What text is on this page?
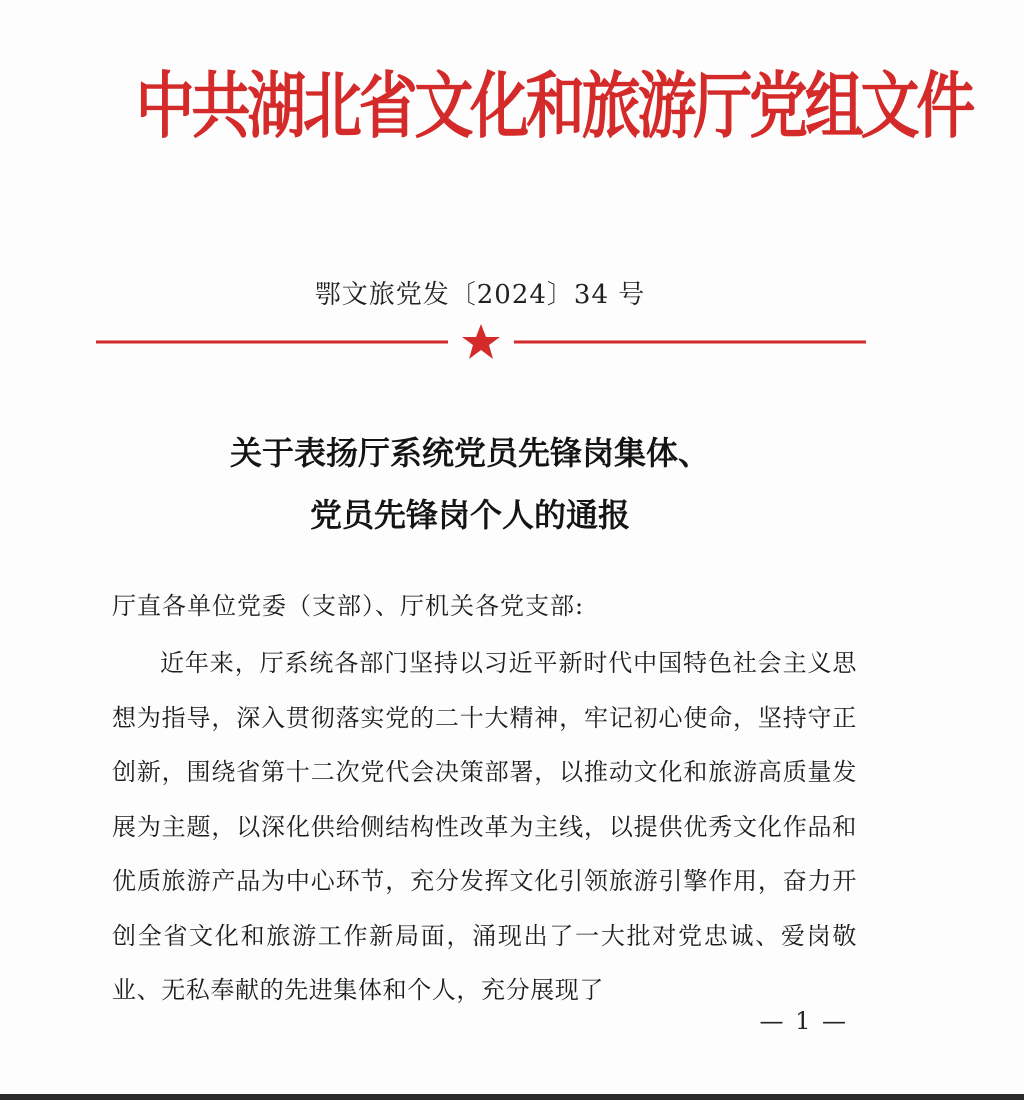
中共湖北省文化和旅游厅党组文件
鄂文旅党发〔2024〕34 号
关于表扬厅系统党员先锋岗集体、
党员先锋岗个人的通报
厅直各单位党委（支部）、厅机关各党支部:
近年来，厅系统各部门坚持以习近平新时代中国特色社会主义思想为指导，深入贯彻落实党的二十大精神，牢记初心使命，坚持守正创新，围绕省第十二次党代会决策部署，以推动文化和旅游高质量发展为主题，以深化供给侧结构性改革为主线，以提供优秀文化作品和优质旅游产品为中心环节，充分发挥文化引领旅游引擎作用，奋力开创全省文化和旅游工作新局面，涌现出了一大批对党忠诚、爱岗敬业、无私奉献的先进集体和个人，充分展现了
— 1 —
